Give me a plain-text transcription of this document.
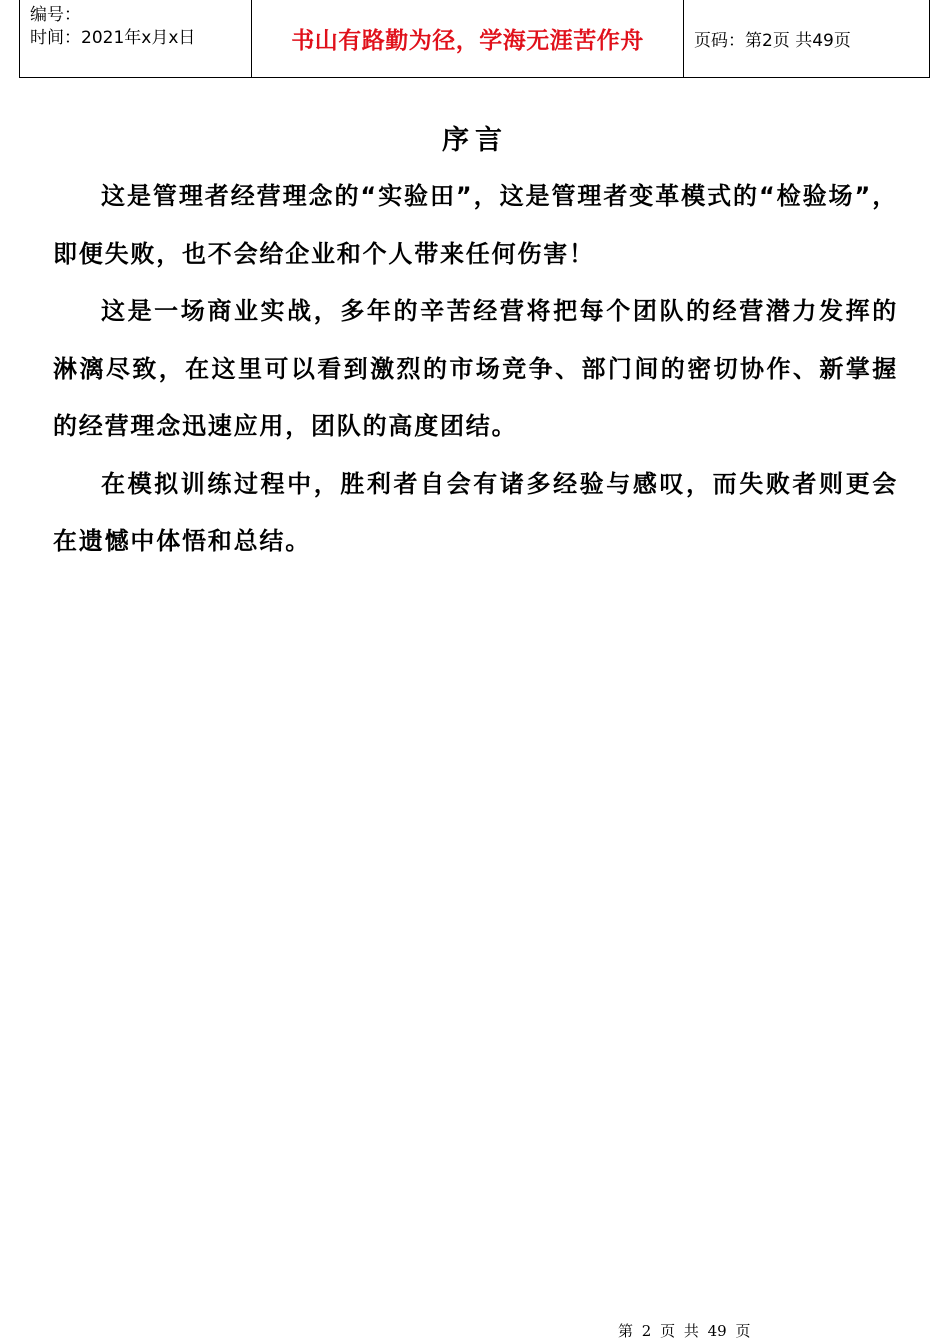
编号：
时间：2021年x月x日	书山有路勤为径，学海无涯苦作舟	页码：第2页 共49页
序言

这是管理者经营理念的“实验田”，这是管理者变革模式的“检验场”，即便失败，也不会给企业和个人带来任何伤害！

这是一场商业实战，多年的辛苦经营将把每个团队的经营潜力发挥的淋漓尽致，在这里可以看到激烈的市场竞争、部门间的密切协作、新掌握的经营理念迅速应用，团队的高度团结。

在模拟训练过程中，胜利者自会有诸多经验与感叹，而失败者则更会在遗憾中体悟和总结。

第 2 页 共 49 页
